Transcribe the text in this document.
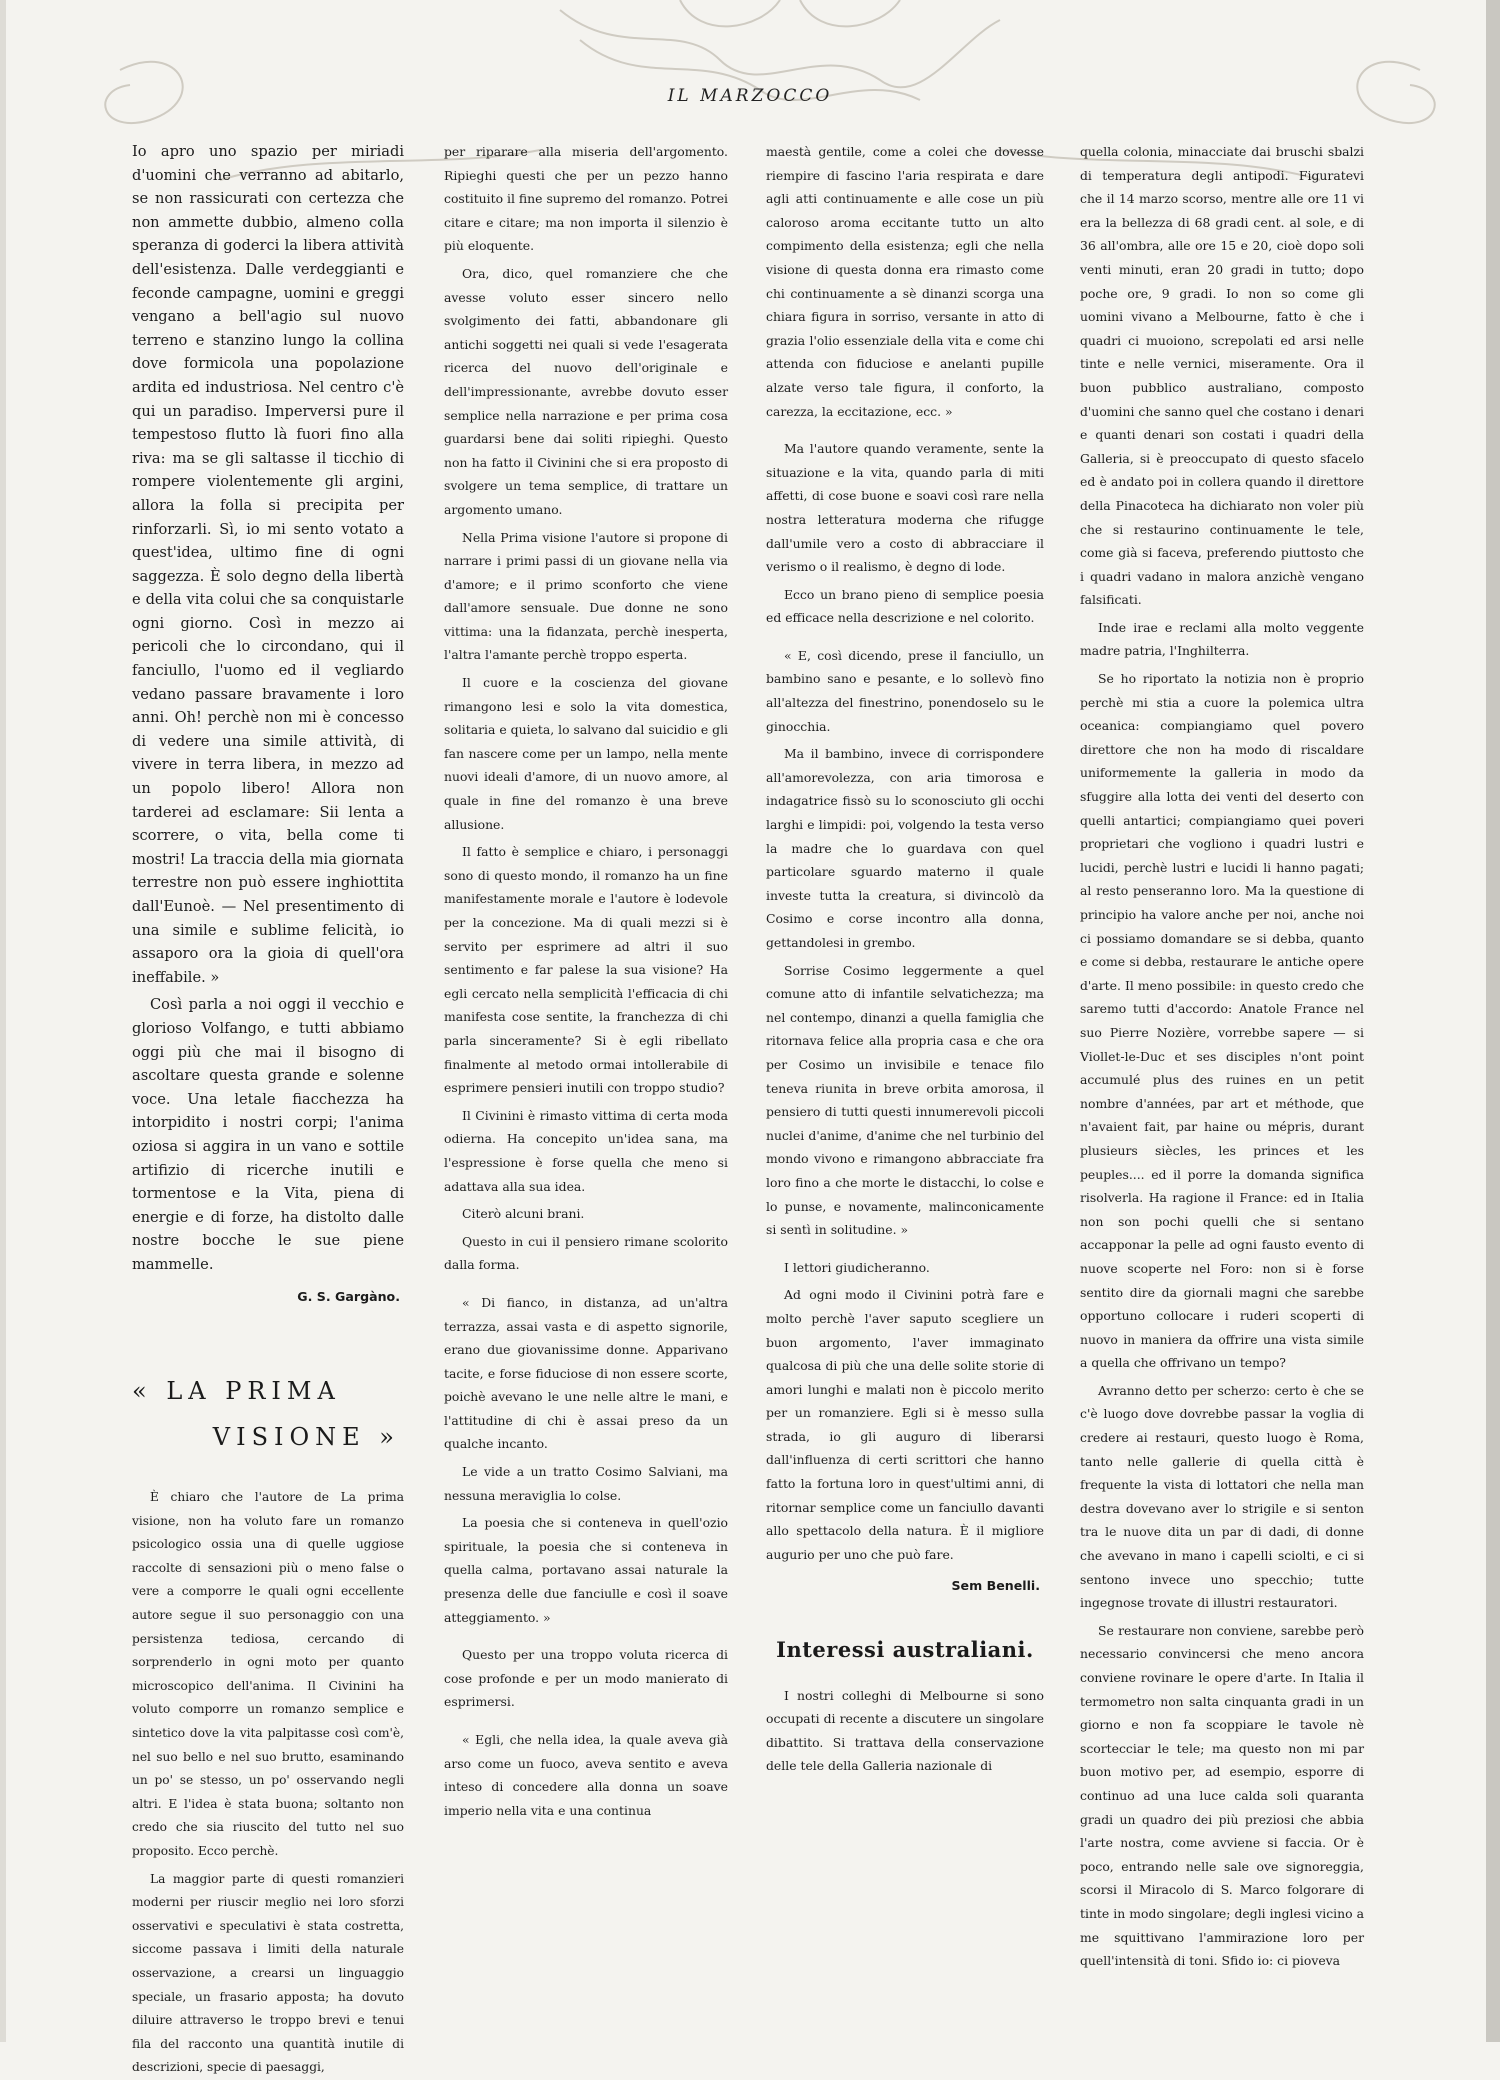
IL MARZOCCO

Io apro uno spazio per miriadi d'uomini che verranno ad abitarlo, se non rassicurati con certezza che non ammette dubbio, almeno colla speranza di goderci la libera attività dell'esistenza. Dalle verdeggianti e feconde campagne, uomini e greggi vengano a bell'agio sul nuovo terreno e stanzino lungo la collina dove formicola una popolazione ardita ed industriosa. Nel centro c'è qui un paradiso. Imperversi pure il tempestoso flutto là fuori fino alla riva: ma se gli saltasse il ticchio di rompere violentemente gli argini, allora la folla si precipita per rinforzarli. Sì, io mi sento votato a quest'idea, ultimo fine di ogni saggezza. È solo degno della libertà e della vita colui che sa conquistarle ogni giorno. Così in mezzo ai pericoli che lo circondano, qui il fanciullo, l'uomo ed il vegliardo vedano passare bravamente i loro anni. Oh! perchè non mi è concesso di vedere una simile attività, di vivere in terra libera, in mezzo ad un popolo libero! Allora non tarderei ad esclamare: Sii lenta a scorrere, o vita, bella come ti mostri! La traccia della mia giornata terrestre non può essere inghiottita dall'Eunoè. — Nel presentimento di una simile e sublime felicità, io assaporo ora la gioia di quell'ora ineffabile. »

Così parla a noi oggi il vecchio e glorioso Volfango, e tutti abbiamo oggi più che mai il bisogno di ascoltare questa grande e solenne voce. Una letale fiacchezza ha intorpidito i nostri corpi; l'anima oziosa si aggira in un vano e sottile artifizio di ricerche inutili e tormentose e la Vita, piena di energie e di forze, ha distolto dalle nostre bocche le sue piene mammelle.

G. S. Gargàno.
« LA PRIMA
VISIONE »

È chiaro che l'autore de La prima visione, non ha voluto fare un romanzo psicologico ossia una di quelle uggiose raccolte di sensazioni più o meno false o vere a comporre le quali ogni eccellente autore segue il suo personaggio con una persistenza tediosa, cercando di sorprenderlo in ogni moto per quanto microscopico dell'anima. Il Civinini ha voluto comporre un romanzo semplice e sintetico dove la vita palpitasse così com'è, nel suo bello e nel suo brutto, esaminando un po' se stesso, un po' osservando negli altri. E l'idea è stata buona; soltanto non credo che sia riuscito del tutto nel suo proposito. Ecco perchè.

La maggior parte di questi romanzieri moderni per riuscir meglio nei loro sforzi osservativi e speculativi è stata costretta, siccome passava i limiti della naturale osservazione, a crearsi un linguaggio speciale, un frasario apposta; ha dovuto diluire attraverso le troppo brevi e tenui fila del racconto una quantità inutile di descrizioni, specie di paesaggi,

per riparare alla miseria dell'argomento. Ripieghi questi che per un pezzo hanno costituito il fine supremo del romanzo. Potrei citare e citare; ma non importa il silenzio è più eloquente.

Ora, dico, quel romanziere che che avesse voluto esser sincero nello svolgimento dei fatti, abbandonare gli antichi soggetti nei quali si vede l'esagerata ricerca del nuovo dell'originale e dell'impressionante, avrebbe dovuto esser semplice nella narrazione e per prima cosa guardarsi bene dai soliti ripieghi. Questo non ha fatto il Civinini che si era proposto di svolgere un tema semplice, di trattare un argomento umano.

Nella Prima visione l'autore si propone di narrare i primi passi di un giovane nella via d'amore; e il primo sconforto che viene dall'amore sensuale. Due donne ne sono vittima: una la fidanzata, perchè inesperta, l'altra l'amante perchè troppo esperta.

Il cuore e la coscienza del giovane rimangono lesi e solo la vita domestica, solitaria e quieta, lo salvano dal suicidio e gli fan nascere come per un lampo, nella mente nuovi ideali d'amore, di un nuovo amore, al quale in fine del romanzo è una breve allusione.

Il fatto è semplice e chiaro, i personaggi sono di questo mondo, il romanzo ha un fine manifestamente morale e l'autore è lodevole per la concezione. Ma di quali mezzi si è servito per esprimere ad altri il suo sentimento e far palese la sua visione? Ha egli cercato nella semplicità l'efficacia di chi manifesta cose sentite, la franchezza di chi parla sinceramente? Si è egli ribellato finalmente al metodo ormai intollerabile di esprimere pensieri inutili con troppo studio?

Il Civinini è rimasto vittima di certa moda odierna. Ha concepito un'idea sana, ma l'espressione è forse quella che meno si adattava alla sua idea.

Citerò alcuni brani.

Questo in cui il pensiero rimane scolorito dalla forma.

« Di fianco, in distanza, ad un'altra terrazza, assai vasta e di aspetto signorile, erano due giovanissime donne. Apparivano tacite, e forse fiduciose di non essere scorte, poichè avevano le une nelle altre le mani, e l'attitudine di chi è assai preso da un qualche incanto.

Le vide a un tratto Cosimo Salviani, ma nessuna meraviglia lo colse.

La poesia che si conteneva in quell'ozio spirituale, la poesia che si conteneva in quella calma, portavano assai naturale la presenza delle due fanciulle e così il soave atteggiamento. »

Questo per una troppo voluta ricerca di cose profonde e per un modo manierato di esprimersi.

« Egli, che nella idea, la quale aveva già arso come un fuoco, aveva sentito e aveva inteso di concedere alla donna un soave imperio nella vita e una continua

maestà gentile, come a colei che dovesse riempire di fascino l'aria respirata e dare agli atti continuamente e alle cose un più caloroso aroma eccitante tutto un alto compimento della esistenza; egli che nella visione di questa donna era rimasto come chi continuamente a sè dinanzi scorga una chiara figura in sorriso, versante in atto di grazia l'olio essenziale della vita e come chi attenda con fiduciose e anelanti pupille alzate verso tale figura, il conforto, la carezza, la eccitazione, ecc. »

Ma l'autore quando veramente, sente la situazione e la vita, quando parla di miti affetti, di cose buone e soavi così rare nella nostra letteratura moderna che rifugge dall'umile vero a costo di abbracciare il verismo o il realismo, è degno di lode.

Ecco un brano pieno di semplice poesia ed efficace nella descrizione e nel colorito.

« E, così dicendo, prese il fanciullo, un bambino sano e pesante, e lo sollevò fino all'altezza del finestrino, ponendoselo su le ginocchia.

Ma il bambino, invece di corrispondere all'amorevolezza, con aria timorosa e indagatrice fissò su lo sconosciuto gli occhi larghi e limpidi: poi, volgendo la testa verso la madre che lo guardava con quel particolare sguardo materno il quale investe tutta la creatura, si divincolò da Cosimo e corse incontro alla donna, gettandolesi in grembo.

Sorrise Cosimo leggermente a quel comune atto di infantile selvatichezza; ma nel contempo, dinanzi a quella famiglia che ritornava felice alla propria casa e che ora per Cosimo un invisibile e tenace filo teneva riunita in breve orbita amorosa, il pensiero di tutti questi innumerevoli piccoli nuclei d'anime, d'anime che nel turbinio del mondo vivono e rimangono abbracciate fra loro fino a che morte le distacchi, lo colse e lo punse, e novamente, malinconicamente si sentì in solitudine. »

I lettori giudicheranno.

Ad ogni modo il Civinini potrà fare e molto perchè l'aver saputo scegliere un buon argomento, l'aver immaginato qualcosa di più che una delle solite storie di amori lunghi e malati non è piccolo merito per un romanziere. Egli si è messo sulla strada, io gli auguro di liberarsi dall'influenza di certi scrittori che hanno fatto la fortuna loro in quest'ultimi anni, di ritornar semplice come un fanciullo davanti allo spettacolo della natura. È il migliore augurio per uno che può fare.

Sem Benelli.
Interessi australiani.

I nostri colleghi di Melbourne si sono occupati di recente a discutere un singolare dibattito. Si trattava della conservazione delle tele della Galleria nazionale di

quella colonia, minacciate dai bruschi sbalzi di temperatura degli antipodi. Figuratevi che il 14 marzo scorso, mentre alle ore 11 vi era la bellezza di 68 gradi cent. al sole, e di 36 all'ombra, alle ore 15 e 20, cioè dopo soli venti minuti, eran 20 gradi in tutto; dopo poche ore, 9 gradi. Io non so come gli uomini vivano a Melbourne, fatto è che i quadri ci muoiono, screpolati ed arsi nelle tinte e nelle vernici, miseramente. Ora il buon pubblico australiano, composto d'uomini che sanno quel che costano i denari e quanti denari son costati i quadri della Galleria, si è preoccupato di questo sfacelo ed è andato poi in collera quando il direttore della Pinacoteca ha dichiarato non voler più che si restaurino continuamente le tele, come già si faceva, preferendo piuttosto che i quadri vadano in malora anzichè vengano falsificati.

Inde irae e reclami alla molto veggente madre patria, l'Inghilterra.

Se ho riportato la notizia non è proprio perchè mi stia a cuore la polemica ultra oceanica: compiangiamo quel povero direttore che non ha modo di riscaldare uniformemente la galleria in modo da sfuggire alla lotta dei venti del deserto con quelli antartici; compiangiamo quei poveri proprietari che vogliono i quadri lustri e lucidi, perchè lustri e lucidi li hanno pagati; al resto penseranno loro. Ma la questione di principio ha valore anche per noi, anche noi ci possiamo domandare se si debba, quanto e come si debba, restaurare le antiche opere d'arte. Il meno possibile: in questo credo che saremo tutti d'accordo: Anatole France nel suo Pierre Nozière, vorrebbe sapere — si Viollet-le-Duc et ses disciples n'ont point accumulé plus des ruines en un petit nombre d'années, par art et méthode, que n'avaient fait, par haine ou mépris, durant plusieurs siècles, les princes et les peuples.... ed il porre la domanda significa risolverla. Ha ragione il France: ed in Italia non son pochi quelli che si sentano accapponar la pelle ad ogni fausto evento di nuove scoperte nel Foro: non si è forse sentito dire da giornali magni che sarebbe opportuno collocare i ruderi scoperti di nuovo in maniera da offrire una vista simile a quella che offrivano un tempo?

Avranno detto per scherzo: certo è che se c'è luogo dove dovrebbe passar la voglia di credere ai restauri, questo luogo è Roma, tanto nelle gallerie di quella città è frequente la vista di lottatori che nella man destra dovevano aver lo strigile e si senton tra le nuove dita un par di dadi, di donne che avevano in mano i capelli sciolti, e ci si sentono invece uno specchio; tutte ingegnose trovate di illustri restauratori.

Se restaurare non conviene, sarebbe però necessario convincersi che meno ancora conviene rovinare le opere d'arte. In Italia il termometro non salta cinquanta gradi in un giorno e non fa scoppiare le tavole nè scortecciar le tele; ma questo non mi par buon motivo per, ad esempio, esporre di continuo ad una luce calda soli quaranta gradi un quadro dei più preziosi che abbia l'arte nostra, come avviene si faccia. Or è poco, entrando nelle sale ove signoreggia, scorsi il Miracolo di S. Marco folgorare di tinte in modo singolare; degli inglesi vicino a me squittivano l'ammirazione loro per quell'intensità di toni. Sfido io: ci pioveva
